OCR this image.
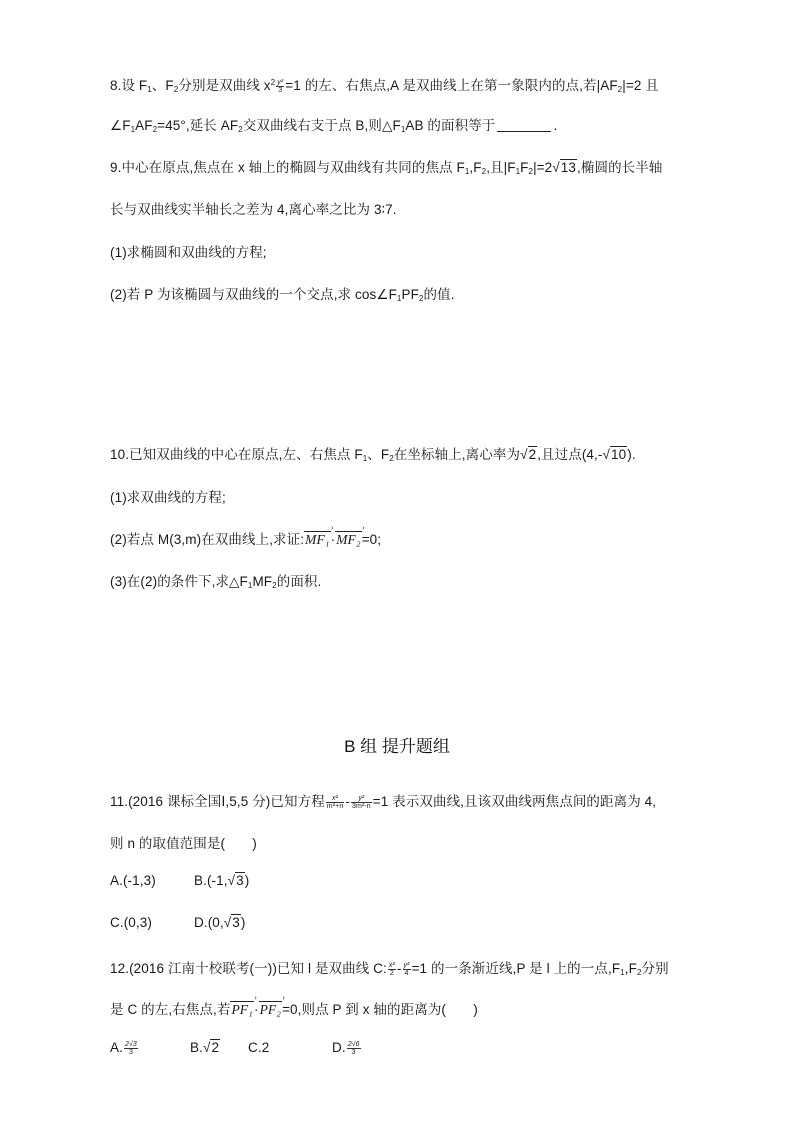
8.设 $F_1$、$F_2$分别是双曲线 $x^2 \frac{\text{y²}}{3} =1$ 的左、右焦点,A 是双曲线上在第一象限内的点,若$|AF_2|=2$ 且
$\angle F_1AF_2=45^\circ$,延长 $AF_2$交双曲线右支于点 B,则$\triangle F_1AB$ 的面积等于	.
9.中心在原点,焦点在 x 轴上的椭圆与双曲线有共同的焦点 $F_1,F_2$,且$|F_1F_2|=2√13$,椭圆的长半轴
长与双曲线实半轴长之差为 4,离心率之比为 3∶7.
(1)求椭圆和双曲线的方程;
(2)若 P 为该椭圆与双曲线的一个交点,求 $\cos\angle F_1PF_2$的值.
10.已知双曲线的中心在原点,左、右焦点 $F_1$、$F_2$在坐标轴上,离心率为√2,且过点(4,-√10).
(1)求双曲线的方程;
(2)若点 M(3,m)在双曲线上,求证:MF₁ ›·MF₂ ›=0;
(3)在(2)的条件下,求$\triangle F_1MF_2$的面积.
B 组 提升题组
11.(2016 课标全国Ⅰ,5,5 分)已知方程 $\frac{\text{x²}}{\text{m²+n}} - \frac{\text{y²}}{\text{3m²-n}} =1$ 表示双曲线,且该双曲线两焦点间的距离为 4,
则 n 的取值范围是(　　)
A.(-1,3)	B.(-1,√3)
C.(0,3)	D.(0,√3)
12.(2016 江南十校联考(一))已知 l 是双曲线 C: $\frac{\text{x²}}{2} - \frac{\text{y²}}{4} =1$ 的一条渐近线,P 是 l 上的一点$,F_1,F_2$分别
是 C 的左,右焦点,若PF₁ ›·PF₂ ›=0,则点 P 到 x 轴的距离为(　　)
A. $\frac{2√3}{3}$	B.√2 C.2	D. $\frac{2√6}{3}$
